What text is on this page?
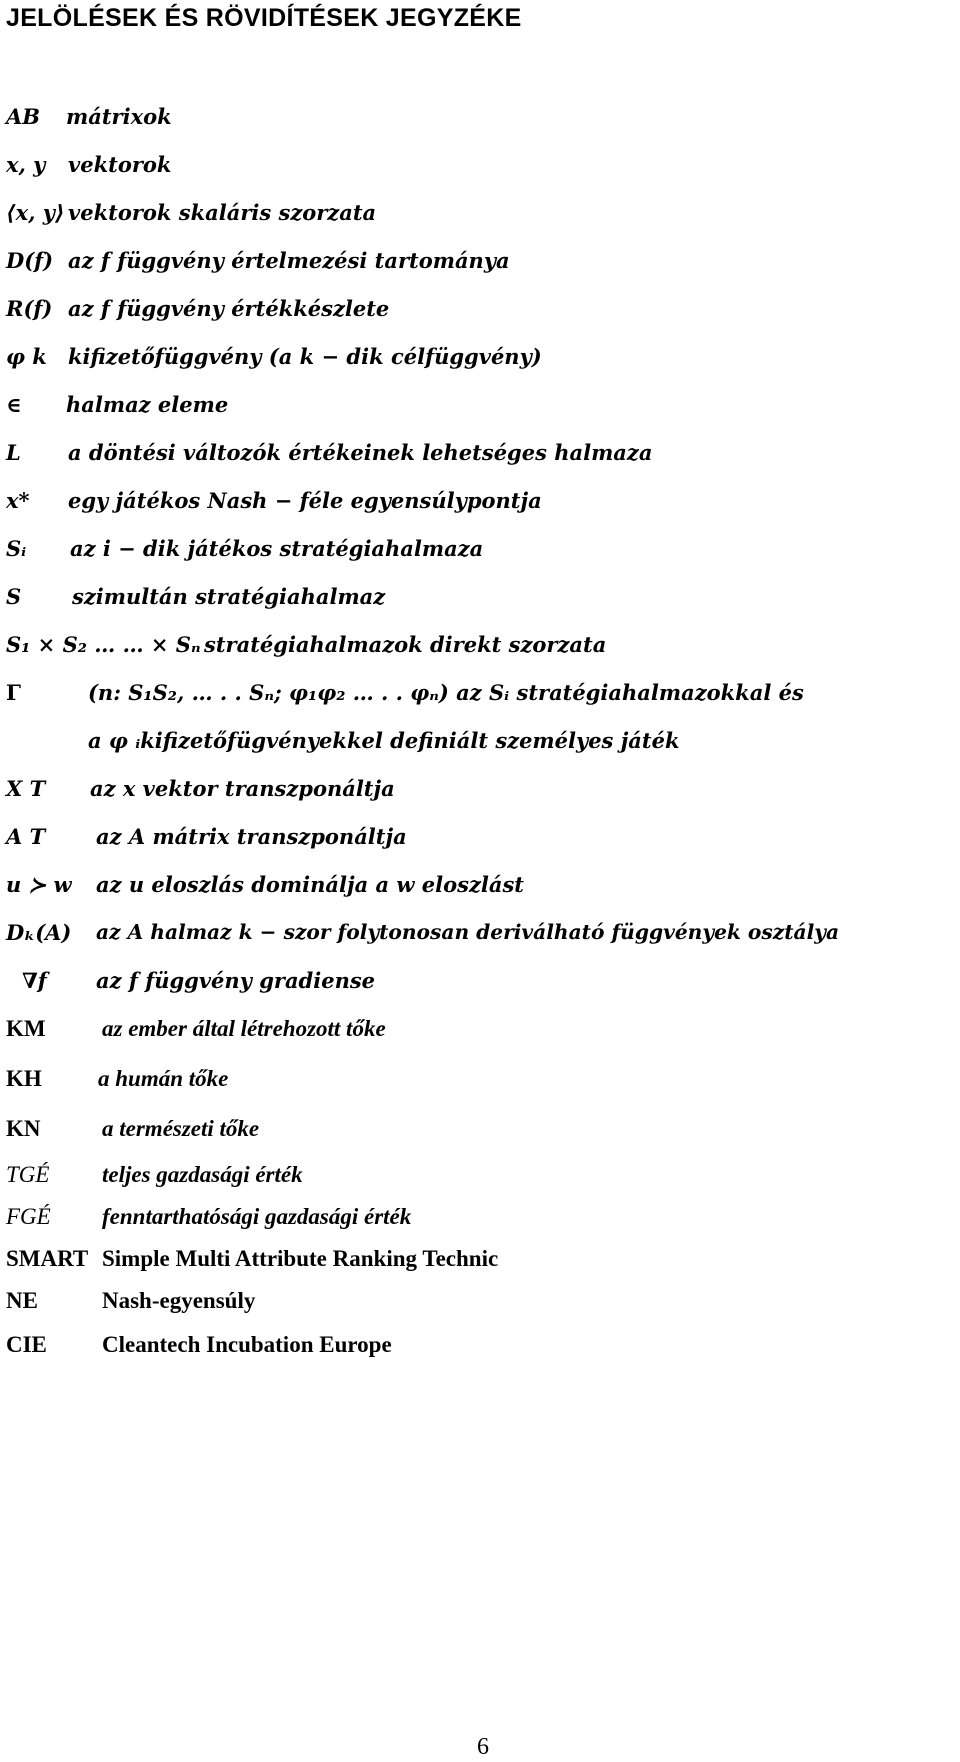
JELÖLÉSEK ÉS RÖVIDÍTÉSEK JEGYZÉKE
AB mátrixok
x, y vektorok
⟨x, y⟩ vektorok skaláris szorzata
D(f) az f függvény értelmezési tartománya
R(f) az f függvény értékkészlete
φ k kifizetőfüggvény (a k − dik célfüggvény)
∈ halmaz eleme
L a döntési változók értékeinek lehetséges halmaza
x* egy játékos Nash − féle egyensúlypontja
Sᵢ az i − dik játékos stratégiahalmaza
S szimultán stratégiahalmaz
S₁ × S₂ … … × Sₙ stratégiahalmazok direkt szorzata
Γ	(n: S₁S₂, … . . Sₙ; φ₁φ₂ … . . φₙ) az Sᵢ stratégiahalmazokkal és
a φ ᵢkifizetőfügvényekkel definiált személyes játék
X T az x vektor transzponáltja
A T az A mátrix transzponáltja
u ≻ w az u eloszlás dominálja a w eloszlást
Dₖ(A) az A halmaz k − szor folytonosan deriválható függvények osztálya
∇f az f függvény gradiense
KM az ember által létrehozott tőke
KH a humán tőke
KN	a természeti tőke
TGÉ teljes gazdasági érték
FGÉ fenntarthatósági gazdasági érték
SMART Simple Multi Attribute Ranking Technic
NE	Nash-egyensúly
CIE Cleantech Incubation Europe
6
